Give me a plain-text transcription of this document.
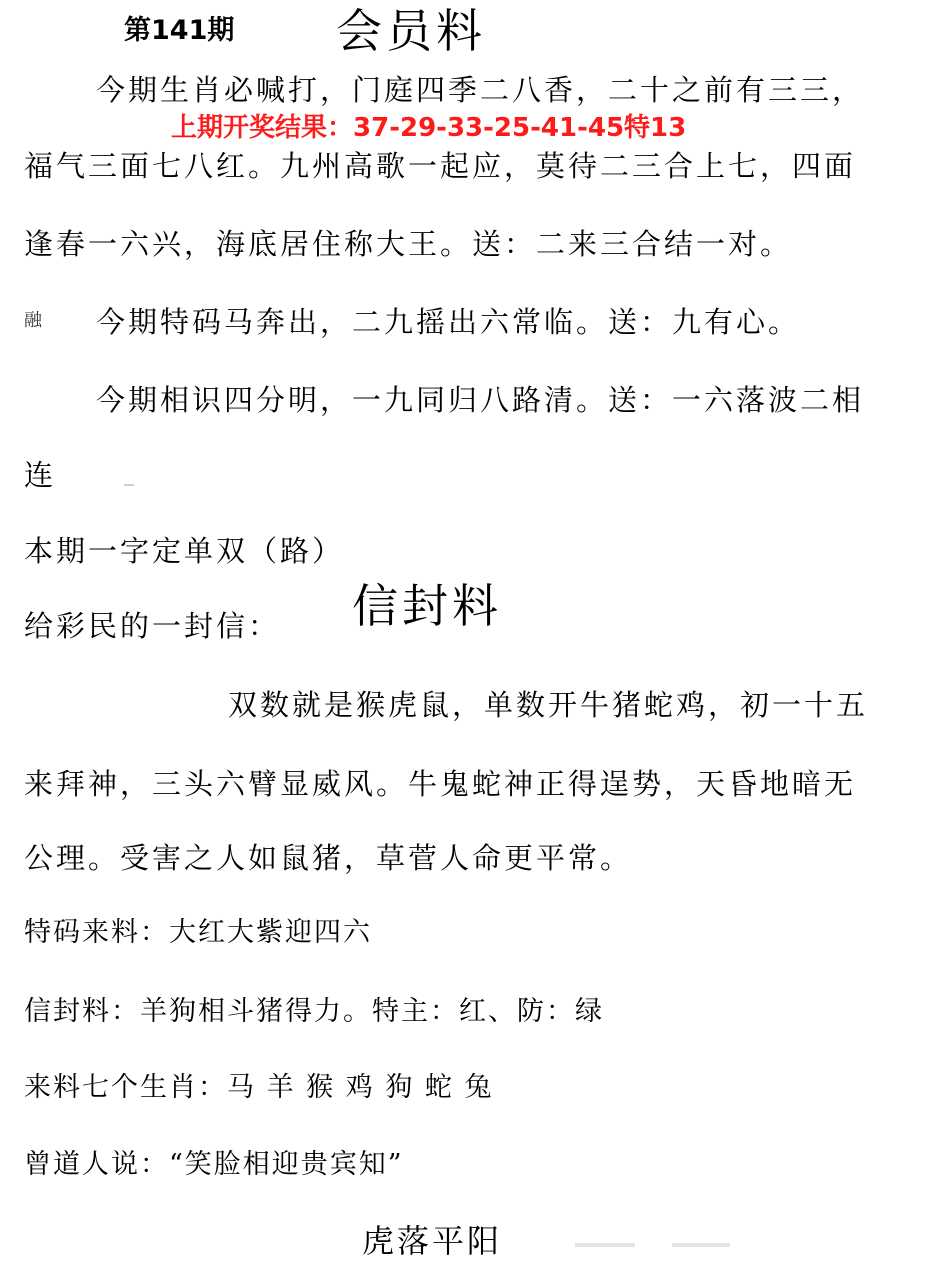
第141期 会员料
今期生肖必喊打，门庭四季二八香，二十之前有三三，
上期开奖结果：37-29-33-25-41-45特13
福气三面七八红。九州高歌一起应，莫待二三合上七，四面
逢春一六兴，海底居住称大王。送：二来三合结一对。
融 今期特码马奔出，二九摇出六常临。送：九有心。
今期相识四分明，一九同归八路清。送：一六落波二相
连
本期一字定单双（路）
给彩民的一封信： 信封料
双数就是猴虎鼠，单数开牛猪蛇鸡，初一十五
来拜神，三头六臂显威风。牛鬼蛇神正得逞势，天昏地暗无
公理。受害之人如鼠猪，草菅人命更平常。
特码来料：大红大紫迎四六
信封料：羊狗相斗猪得力。特主：红、防：绿
来料七个生肖：马 羊 猴 鸡 狗 蛇 兔
曾道人说：“笑脸相迎贵宾知”
虎落平阳
